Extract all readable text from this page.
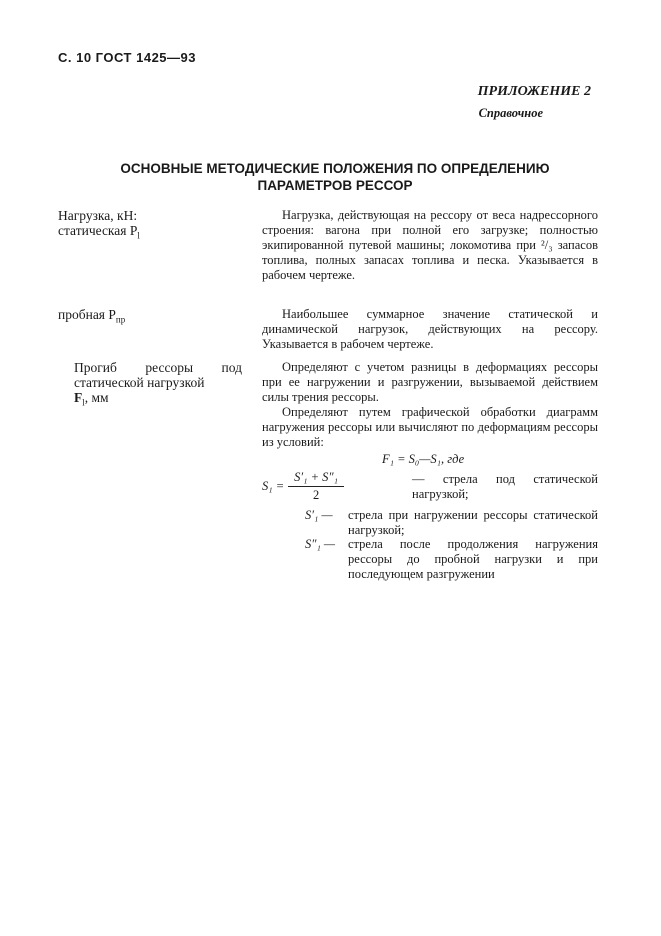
С. 10 ГОСТ 1425—93
ПРИЛОЖЕНИЕ 2
Справочное
ОСНОВНЫЕ МЕТОДИЧЕСКИЕ ПОЛОЖЕНИЯ ПО ОПРЕДЕЛЕНИЮ
ПАРАМЕТРОВ РЕССОР
Нагрузка, кН:
статическая $P_l$
Нагрузка, действующая на рессору от веса надрессорного строения: вагона при полной его загрузке; полностью экипированной путевой машины; локомотива при ²/₃ запасов топлива, полных запасах топлива и песка. Указывается в рабочем чертеже.
пробная $P_{пр}$	Наибольшее суммарное значение статической и динамической нагрузок, действующих на рессору. Указывается в рабочем чертеже.
Прогиб рессоры под статической нагрузкой
$F_l$, мм
Определяют с учетом разницы в деформациях рессоры при ее нагружении и разгружении, вызываемой действием силы трения рессоры.
Определяют путем графической обработки диаграмм нагружения рессоры или вычисляют по деформациям рессоры из условий:
F₁ = S₀—S₁, где
$S_1 = \frac{\text{S′₁ + S″₁}}{2}$	— стрела под статической нагрузкой;
S′₁ — стрела при нагружении рессоры статической нагрузкой;
S″₁ — стрела после продолжения нагружения рессоры до пробной нагрузки и при последующем разгружении
